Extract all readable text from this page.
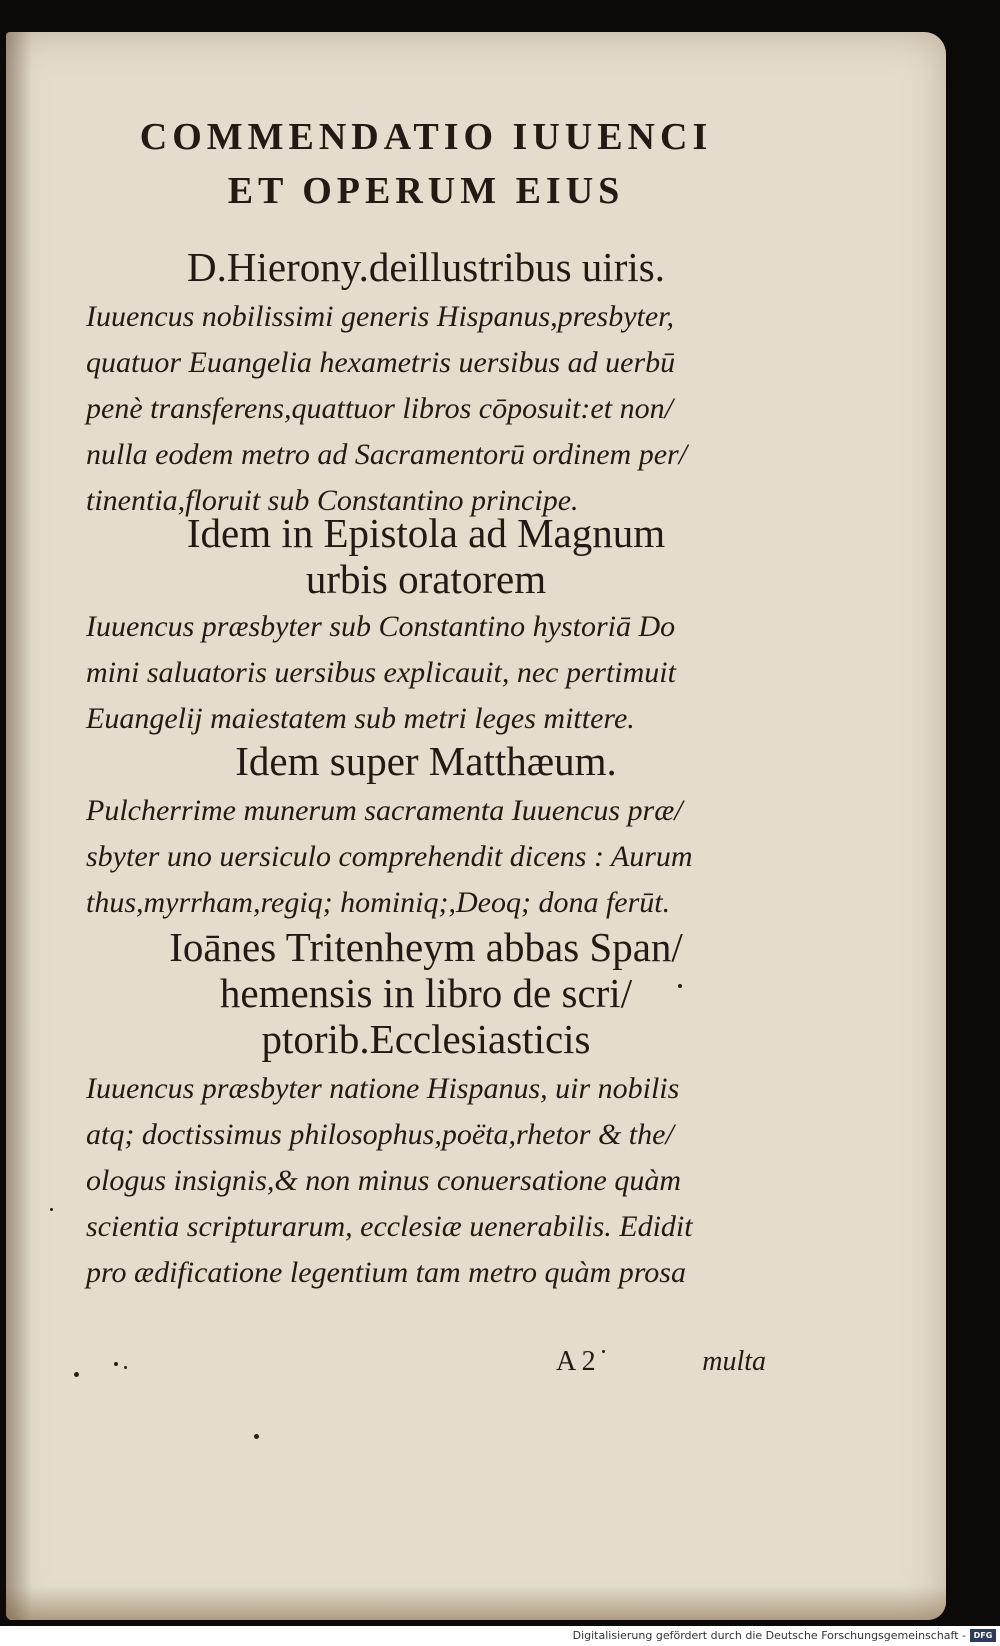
COMMENDATIO IUUENCI
ET OPERUM EIUS
D.Hierony.deillustribus uiris.
Iuuencus nobilissimi generis Hispanus,presbyter,
quatuor Euangelia hexametris uersibus ad uerbū
penè transferens,quattuor libros cōposuit:et non/
nulla eodem metro ad Sacramentorū ordinem per/
tinentia,floruit sub Constantino principe.
Idem in Epistola ad Magnum
urbis oratorem
Iuuencus præsbyter sub Constantino hystoriā Do
mini saluatoris uersibus explicauit, nec pertimuit
Euangelij maiestatem sub metri leges mittere.
Idem super Matthæum.
Pulcherrime munerum sacramenta Iuuencus præ/
sbyter uno uersiculo comprehendit dicens : Aurum
thus,myrrham,regiq; hominiq;,Deoq; dona ferūt.
Ioānes Tritenheym abbas Span/
hemensis in libro de scri/
ptorib.Ecclesiasticis
Iuuencus præsbyter natione Hispanus, uir nobilis
atq; doctissimus philosophus,poëta,rhetor & the/
ologus insignis,& non minus conuersatione quàm
scientia scripturarum, ecclesiæ uenerabilis. Edidit
pro ædificatione legentium tam metro quàm prosa
A 2	multa
Digitalisierung gefördert durch die Deutsche Forschungsgemeinschaft - DFG
